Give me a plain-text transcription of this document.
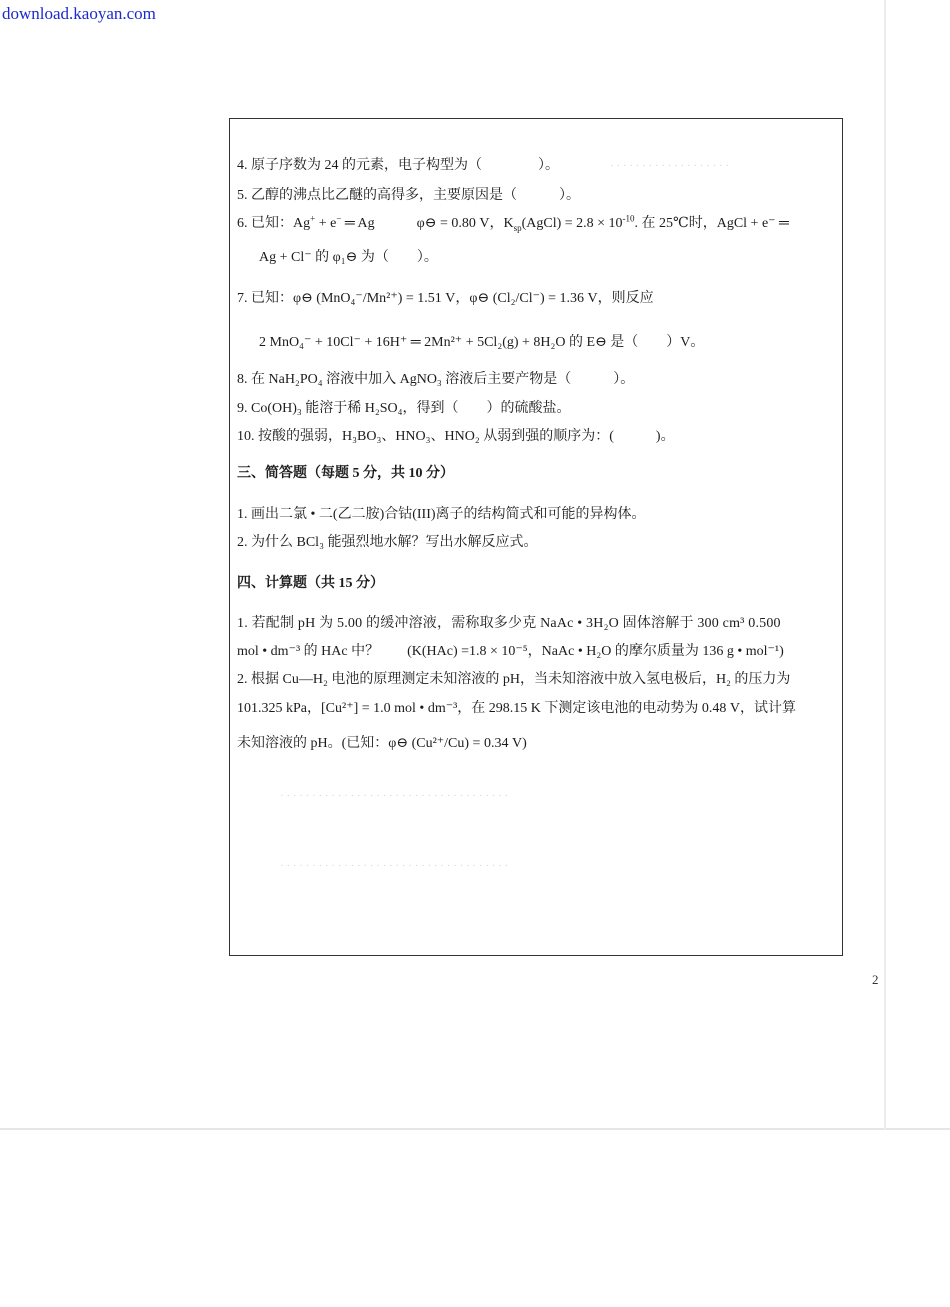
download.kaoyan.com
· · · · · · · · · · · · · · · · · · ·
· · · · · · · · · · · · · · · · · · · · · · · · · · · · · · · · · · · ·
· · · · · · · · · · · · · · · · · · · · · · · · · · · · · · · · · · · ·
4. 原子序数为 24 的元素，电子构型为（　　　　）。
5. 乙醇的沸点比乙醚的高得多，主要原因是（　　　）。
6. 已知：Ag+ + e− ═ Ag　　　φ⊖ = 0.80 V，$K_{sp}(AgCl) = 2.8 \times 10^{-10}$. 在 25℃时，AgCl + e⁻ ═
Ag + Cl⁻ 的 φ₁⊖ 为（　　）。
7. 已知：φ⊖ (MnO₄⁻/Mn²⁺) = 1.51 V，φ⊖ (Cl₂/Cl⁻) = 1.36 V，则反应
2 MnO₄⁻ + 10Cl⁻ + 16H⁺ ═ 2Mn²⁺ + 5Cl₂(g) + 8H₂O 的 E⊖ 是（　　）V。
8. 在 NaH₂PO₄ 溶液中加入 AgNO₃ 溶液后主要产物是（　　　）。
9. Co(OH)₃ 能溶于稀 H₂SO₄，得到（　　）的硫酸盐。
10. 按酸的强弱，H₃BO₃、HNO₃、HNO₂ 从弱到强的顺序为：(　　　)。
三、简答题（每题 5 分，共 10 分）
1. 画出二氯 • 二(乙二胺)合钴(III)离子的结构简式和可能的异构体。
2. 为什么 BCl₃ 能强烈地水解？写出水解反应式。
四、计算题（共 15 分）
1. 若配制 pH 为 5.00 的缓冲溶液，需称取多少克 NaAc • 3H₂O 固体溶解于 300 cm³ 0.500
mol • dm⁻³ 的 HAc 中？　　(K(HAc) =1.8 × 10⁻⁵，NaAc • H₂O 的摩尔质量为 136 g • mol⁻¹)
2. 根据 Cu—H₂ 电池的原理测定未知溶液的 pH，当未知溶液中放入氢电极后，H₂ 的压力为
101.325 kPa，[Cu²⁺] = 1.0 mol • dm⁻³，在 298.15 K 下测定该电池的电动势为 0.48 V，试计算
未知溶液的 pH。(已知：φ⊖ (Cu²⁺/Cu) = 0.34 V)
2
